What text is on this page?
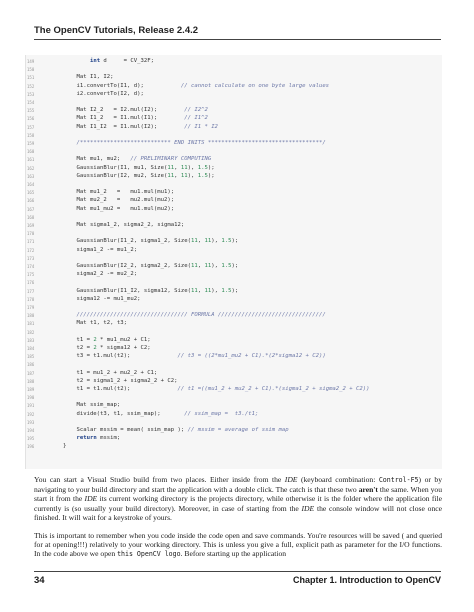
The OpenCV Tutorials, Release 2.4.2
149	int d     = CV_32F;
150
151	Mat I1, I2;
152	i1.convertTo(I1, d);           // cannot calculate on one byte large values
153	i2.convertTo(I2, d);
154
155	Mat I2_2   = I2.mul(I2);        // I2^2
156	Mat I1_2   = I1.mul(I1);        // I1^2
157	Mat I1_I2  = I1.mul(I2);        // I1 * I2
158
159	/*************************** END INITS **********************************/
160
161	Mat mu1, mu2;   // PRELIMINARY COMPUTING
162	GaussianBlur(I1, mu1, Size(11, 11), 1.5);
163	GaussianBlur(I2, mu2, Size(11, 11), 1.5);
164
165	Mat mu1_2   =   mu1.mul(mu1);
166	Mat mu2_2   =   mu2.mul(mu2);
167	Mat mu1_mu2 =   mu1.mul(mu2);
168
169	Mat sigma1_2, sigma2_2, sigma12;
170
171	GaussianBlur(I1_2, sigma1_2, Size(11, 11), 1.5);
172	sigma1_2 -= mu1_2;
173
174	GaussianBlur(I2_2, sigma2_2, Size(11, 11), 1.5);
175	sigma2_2 -= mu2_2;
176
177	GaussianBlur(I1_I2, sigma12, Size(11, 11), 1.5);
178	sigma12 -= mu1_mu2;
179
180	///////////////////////////////// FORMULA ////////////////////////////////
181	Mat t1, t2, t3;
182
183	t1 = 2 * mu1_mu2 + C1;
184	t2 = 2 * sigma12 + C2;
185	t3 = t1.mul(t2);              // t3 = ((2*mu1_mu2 + C1).*(2*sigma12 + C2))
186
187	t1 = mu1_2 + mu2_2 + C1;
188	t2 = sigma1_2 + sigma2_2 + C2;
189	t1 = t1.mul(t2);              // t1 =((mu1_2 + mu2_2 + C1).*(sigma1_2 + sigma2_2 + C2))
190
191	Mat ssim_map;
192	divide(t3, t1, ssim_map);       // ssim_map =  t3./t1;
193
194	Scalar mssim = mean( ssim_map ); // mssim = average of ssim map
195	return mssim;
196	}
You can start a Visual Studio build from two places. Either inside from the IDE (keyboard combination: Control-F5) or by navigating to your build directory and start the application with a double click. The catch is that these two aren't the same. When you start it from the IDE its current working directory is the projects directory, while otherwise it is the folder where the application file currently is (so usually your build directory). Moreover, in case of starting from the IDE the console window will not close once finished. It will wait for a keystroke of yours.
This is important to remember when you code inside the code open and save commands. You're resources will be saved ( and queried for at opening!!!) relatively to your working directory. This is unless you give a full, explicit path as parameter for the I/O functions. In the code above we open this OpenCV logo. Before starting up the application
34	Chapter 1. Introduction to OpenCV
